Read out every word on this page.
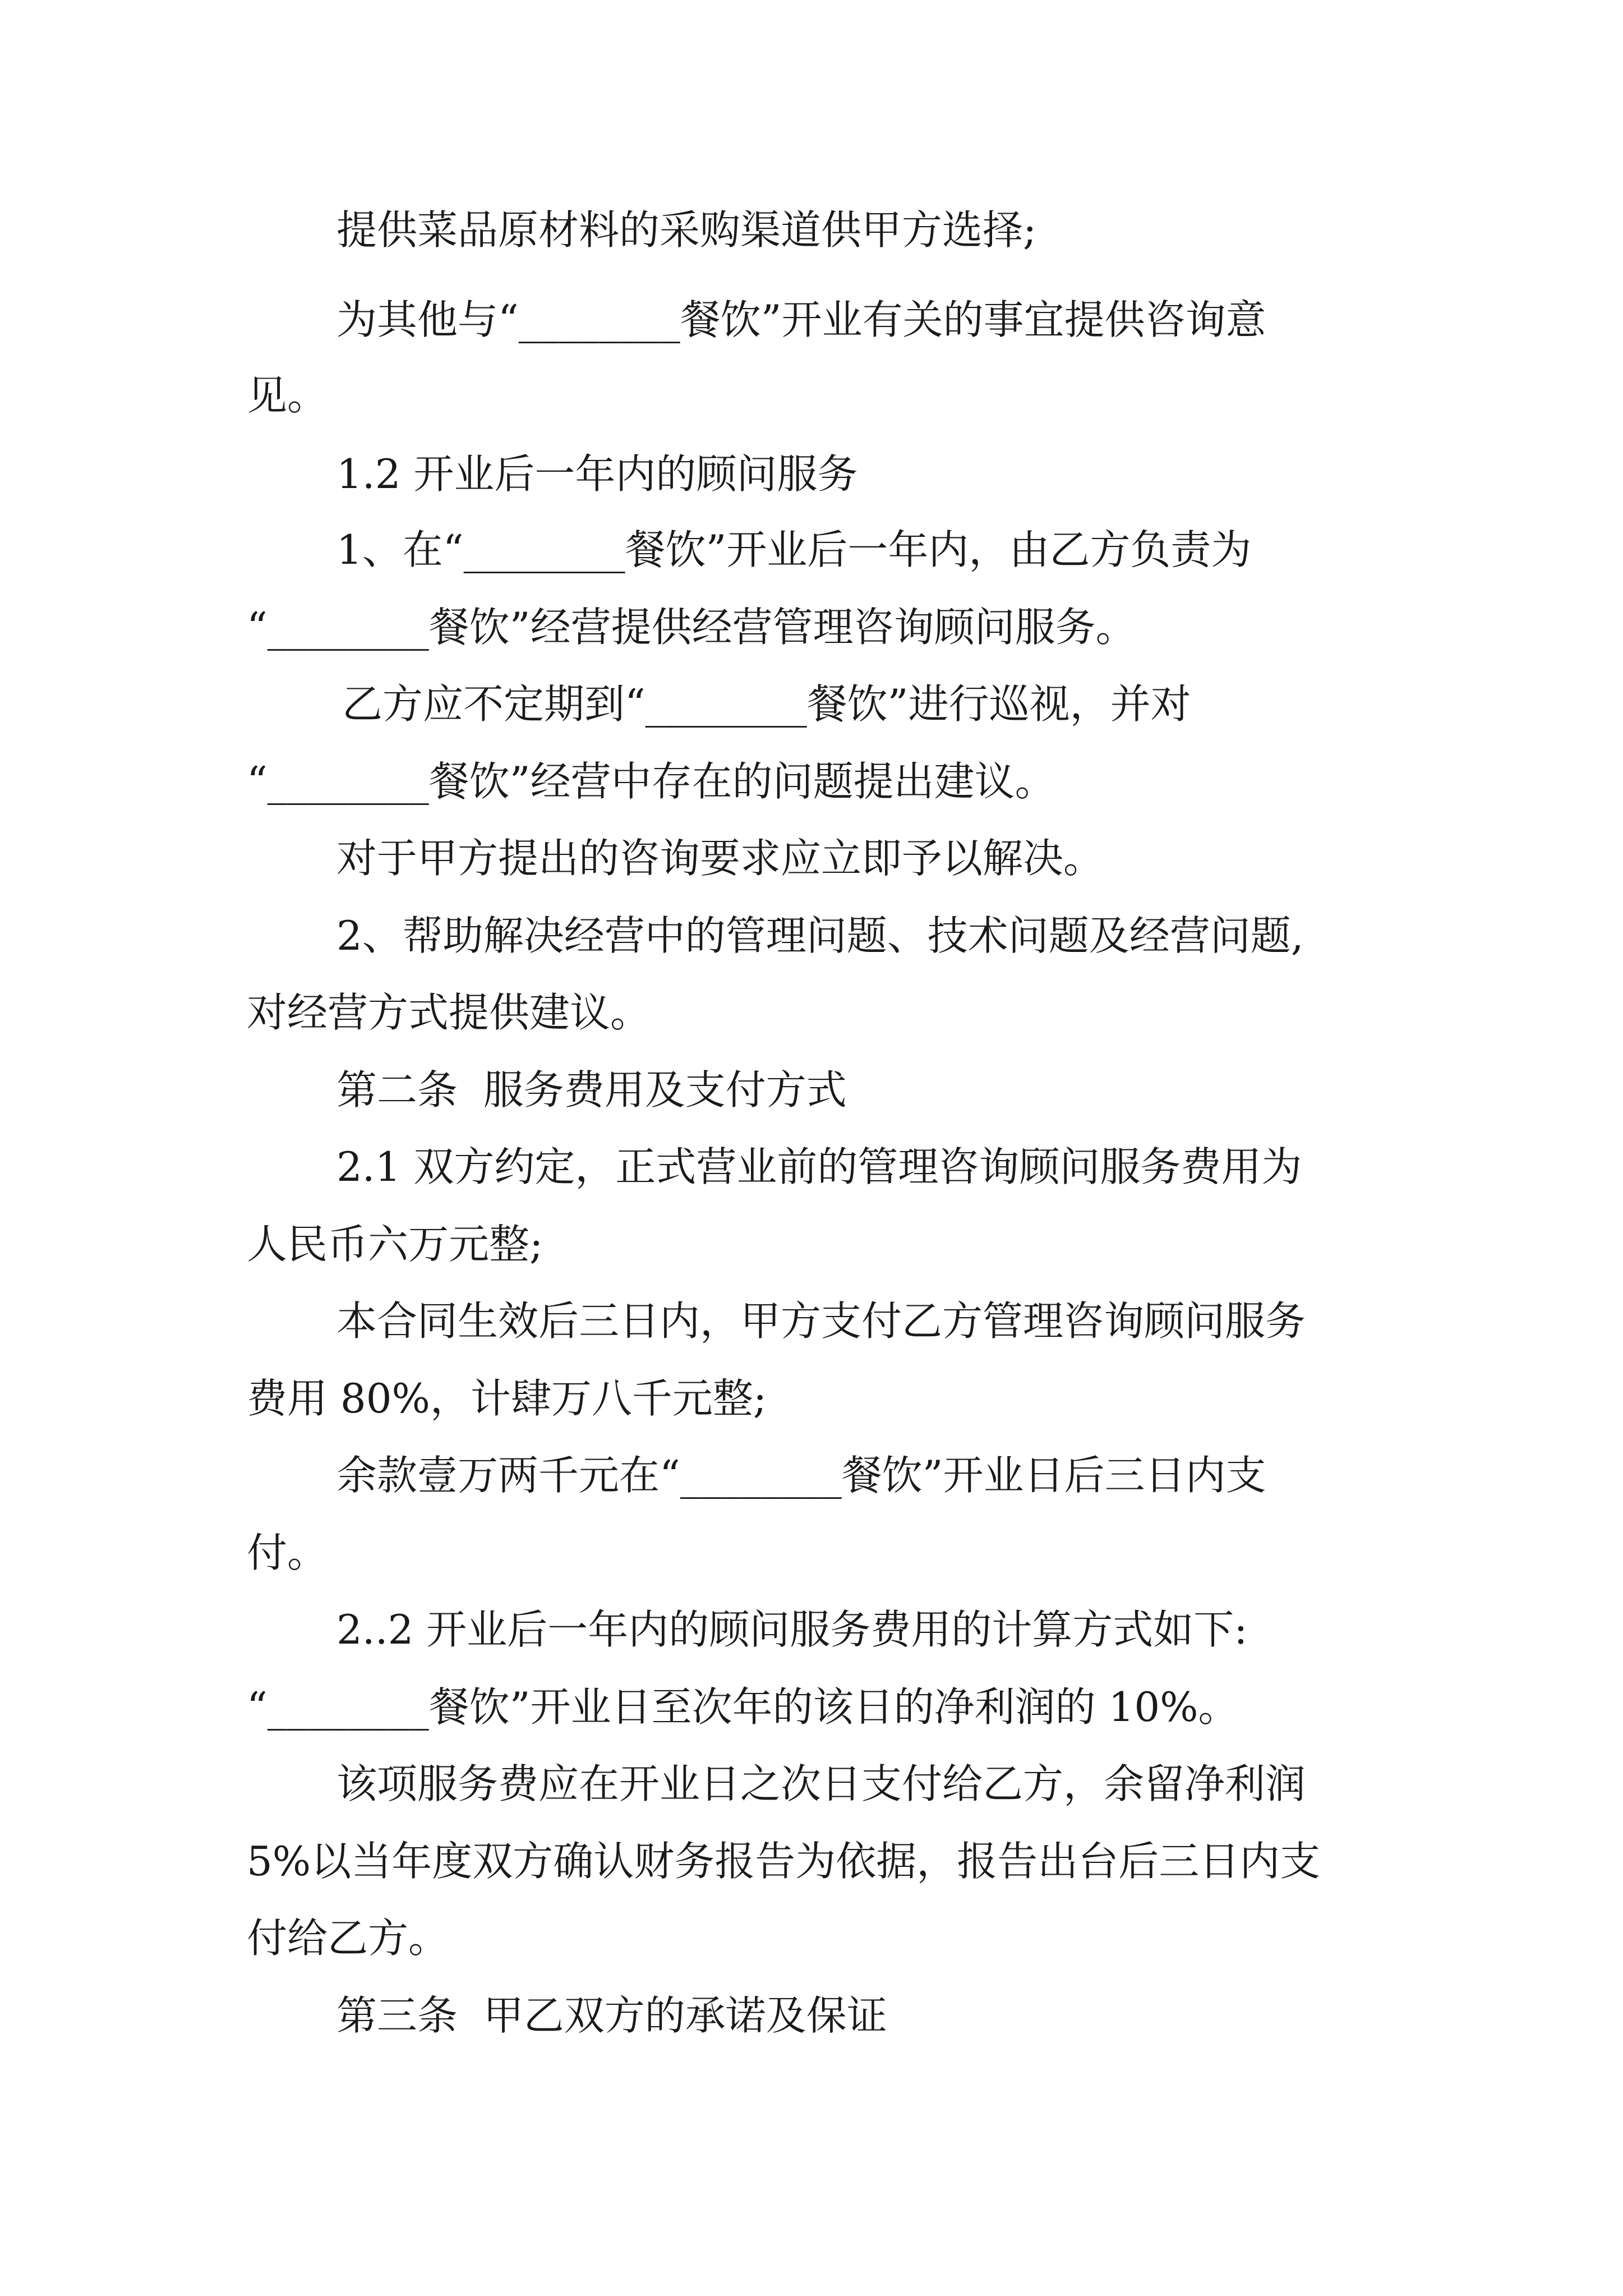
提供菜品原材料的采购渠道供甲方选择;

为其他与“________餐饮”开业有关的事宜提供咨询意

见。

1.2 开业后一年内的顾问服务

1、在“________餐饮”开业后一年内，由乙方负责为

“________餐饮”经营提供经营管理咨询顾问服务。

乙方应不定期到“________餐饮”进行巡视，并对

“________餐饮”经营中存在的问题提出建议。

对于甲方提出的咨询要求应立即予以解决。

2、帮助解决经营中的管理问题、技术问题及经营问题,

对经营方式提供建议。

第二条  服务费用及支付方式

2.1 双方约定，正式营业前的管理咨询顾问服务费用为

人民币六万元整;

本合同生效后三日内，甲方支付乙方管理咨询顾问服务

费用 80%，计肆万八千元整;

余款壹万两千元在“________餐饮”开业日后三日内支

付。

2..2 开业后一年内的顾问服务费用的计算方式如下:

“________餐饮”开业日至次年的该日的净利润的 10%。

该项服务费应在开业日之次日支付给乙方，余留净利润

5%以当年度双方确认财务报告为依据，报告出台后三日内支

付给乙方。

第三条  甲乙双方的承诺及保证
